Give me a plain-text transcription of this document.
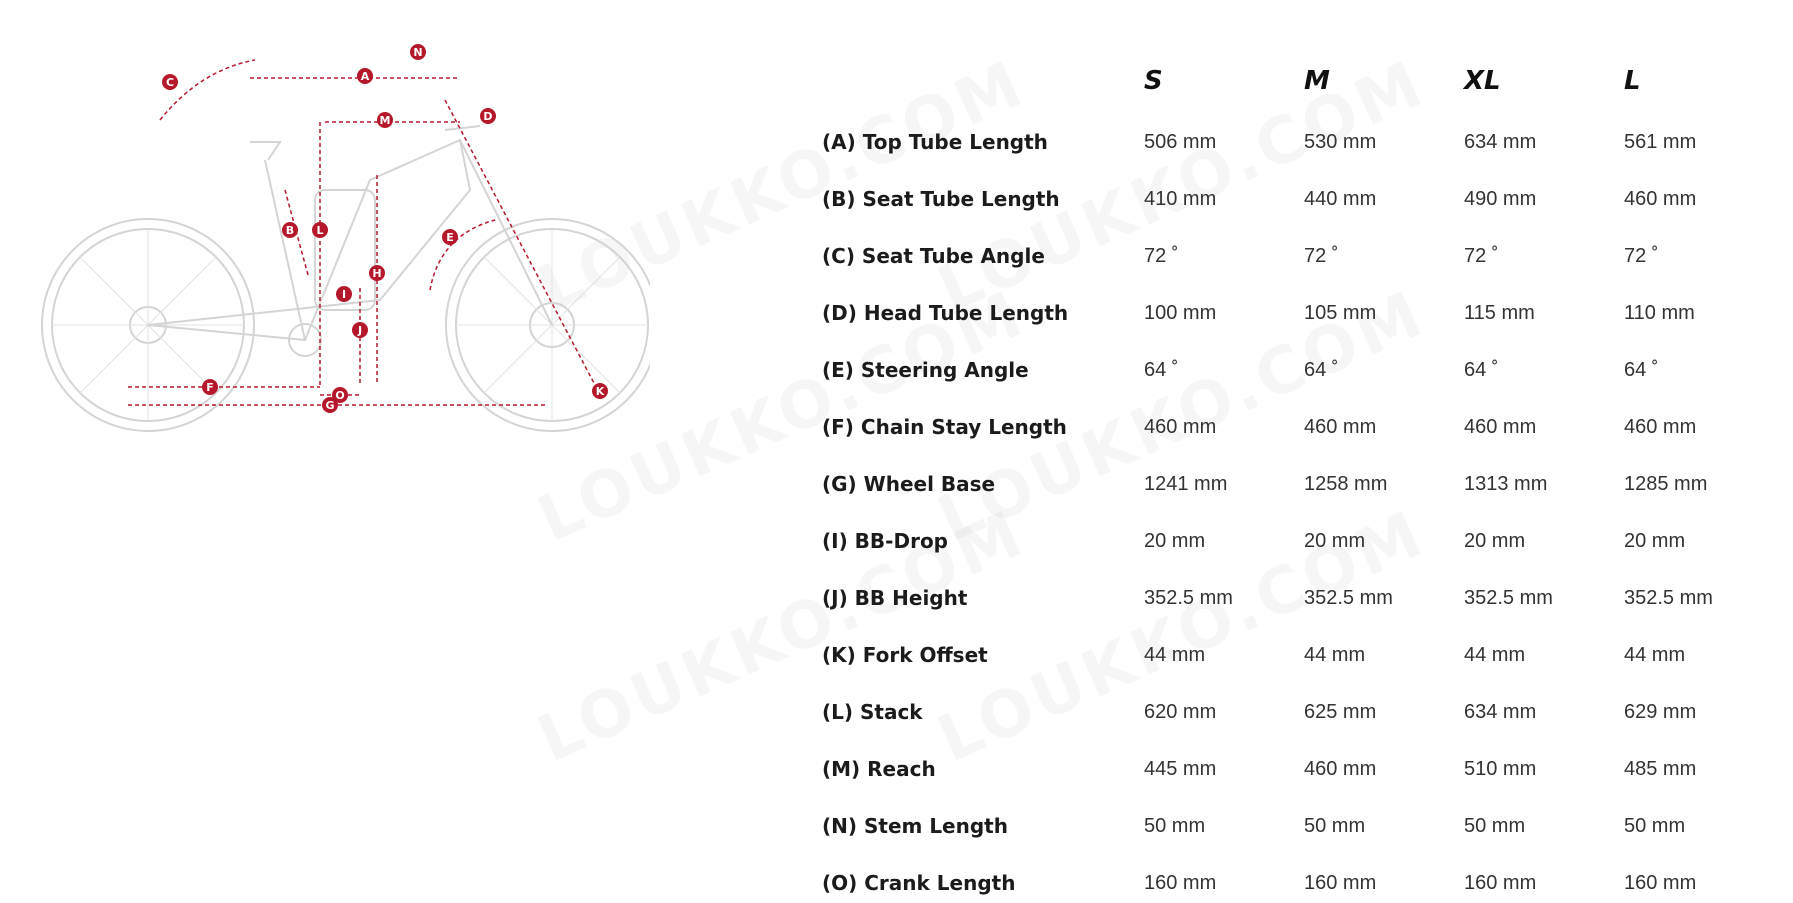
A
B
C
D
E
F
G
H
I
J
K
L
M
N
O
S	M	XL	L
(A) Top Tube Length	506 mm	530 mm	634 mm	561 mm
(B) Seat Tube Length	410 mm	440 mm	490 mm	460 mm
(C) Seat Tube Angle	72 ˚	72 ˚	72 ˚	72 ˚
(D) Head Tube Length	100 mm	105 mm	115 mm	110 mm
(E) Steering Angle	64 ˚	64 ˚	64 ˚	64 ˚
(F) Chain Stay Length	460 mm	460 mm	460 mm	460 mm
(G) Wheel Base	1241 mm	1258 mm	1313 mm	1285 mm
(I) BB-Drop	20 mm	20 mm	20 mm	20 mm
(J) BB Height	352.5 mm	352.5 mm	352.5 mm	352.5 mm
(K) Fork Offset	44 mm	44 mm	44 mm	44 mm
(L) Stack	620 mm	625 mm	634 mm	629 mm
(M) Reach	445 mm	460 mm	510 mm	485 mm
(N) Stem Length	50 mm	50 mm	50 mm	50 mm
(O) Crank Length	160 mm	160 mm	160 mm	160 mm
